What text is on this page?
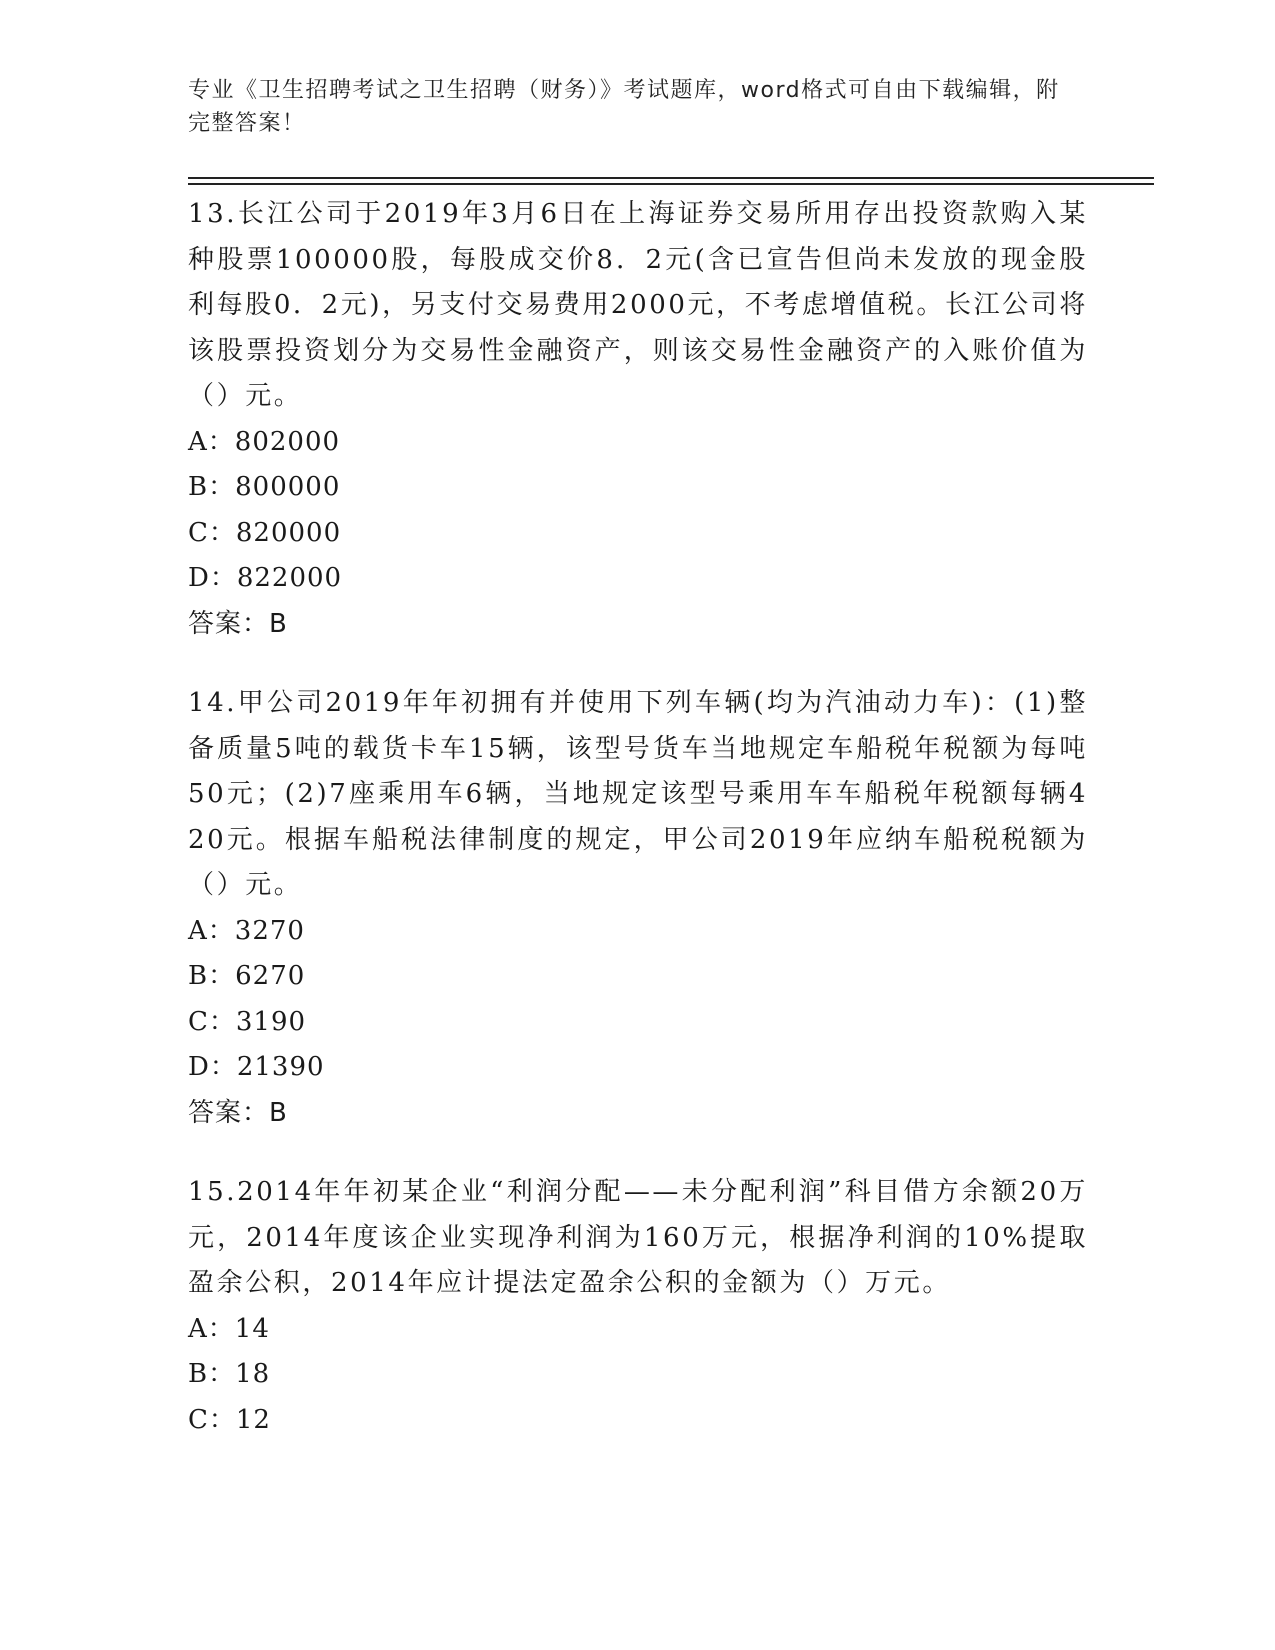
专业《卫生招聘考试之卫生招聘（财务）》考试题库，word格式可自由下载编辑，附完整答案！

13.长江公司于2019年3月6日在上海证券交易所用存出投资款购入某种股票100000股，每股成交价8．2元(含已宣告但尚未发放的现金股利每股0．2元)，另支付交易费用2000元，不考虑增值税。长江公司将该股票投资划分为交易性金融资产，则该交易性金融资产的入账价值为（）元。

A：802000

B：800000

C：820000

D：822000

答案：B

14.甲公司2019年年初拥有并使用下列车辆(均为汽油动力车)：(1)整备质量5吨的载货卡车15辆，该型号货车当地规定车船税年税额为每吨50元；(2)7座乘用车6辆，当地规定该型号乘用车车船税年税额每辆420元。根据车船税法律制度的规定，甲公司2019年应纳车船税税额为（）元。

A：3270

B：6270

C：3190

D：21390

答案：B

15.2014年年初某企业“利润分配——未分配利润”科目借方余额20万元，2014年度该企业实现净利润为160万元，根据净利润的10%提取盈余公积，2014年应计提法定盈余公积的金额为（）万元。

A：14

B：18

C：12
